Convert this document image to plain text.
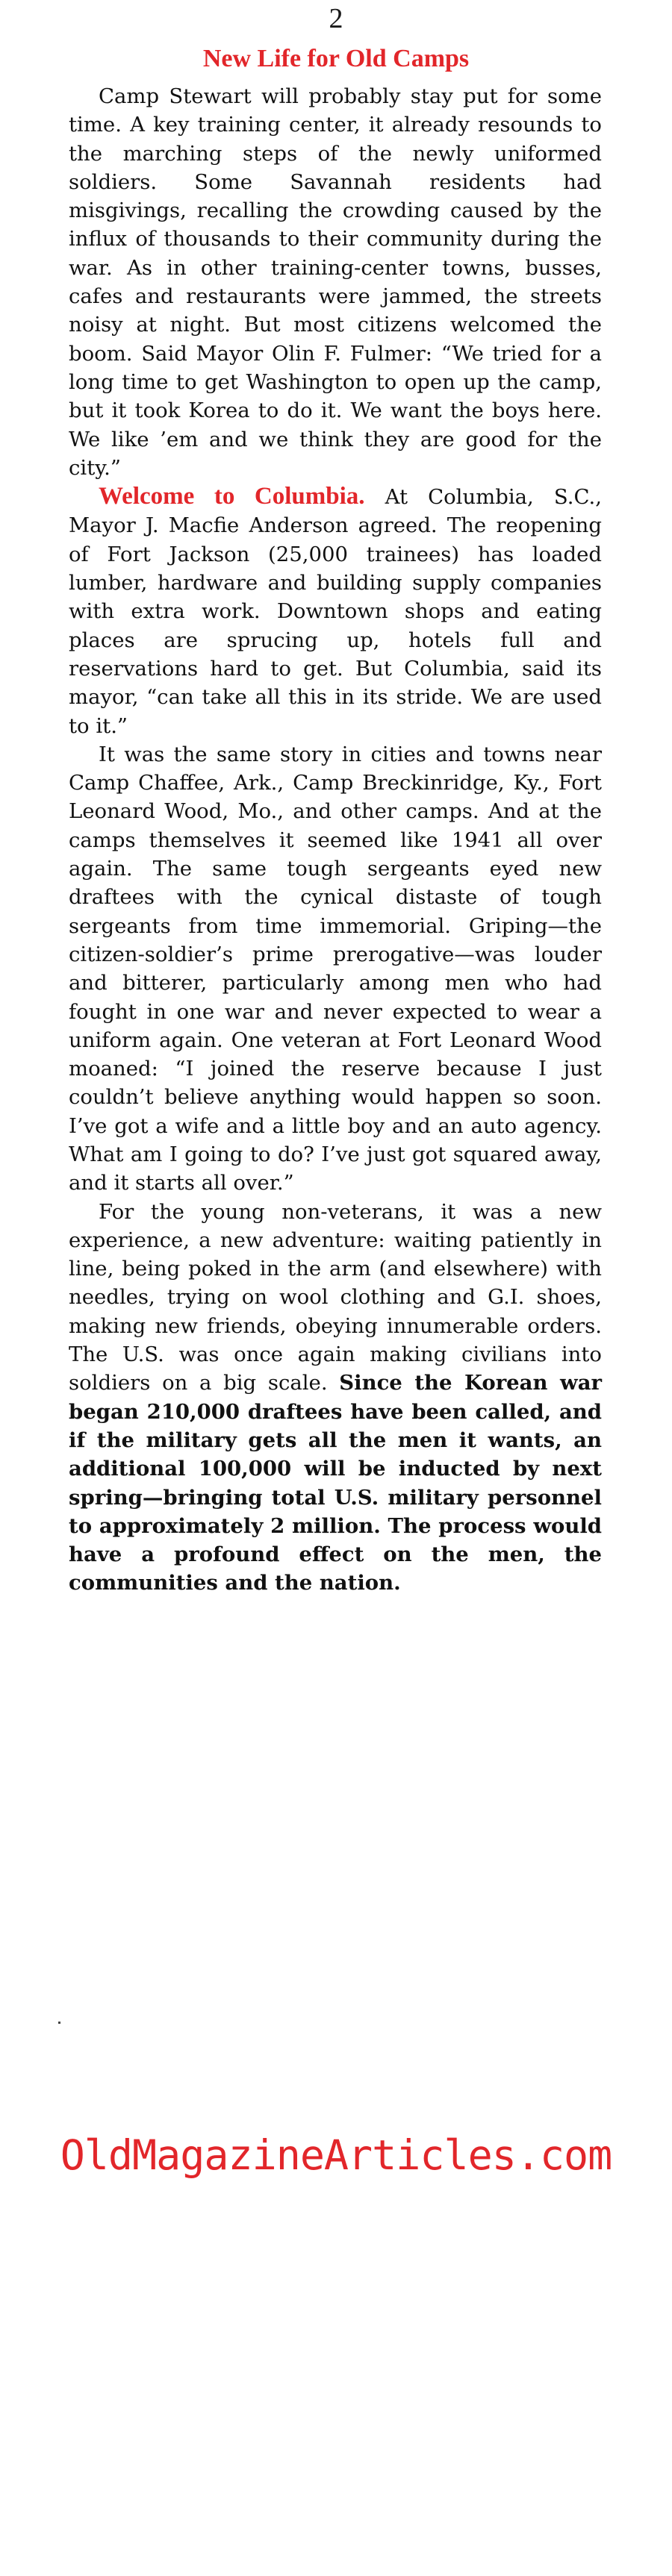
2
New Life for Old Camps

Camp Stewart will probably stay put for some time. A key training center, it already resounds to the marching steps of the newly uniformed soldiers. Some Savannah residents had misgivings, recalling the crowding caused by the influx of thousands to their community during the war. As in other training-center towns, busses, cafes and restaurants were jammed, the streets noisy at night. But most citizens welcomed the boom. Said Mayor Olin F. Fulmer: “We tried for a long time to get Washington to open up the camp, but it took Korea to do it. We want the boys here. We like ’em and we think they are good for the city.”

Welcome to Columbia. At Columbia, S.C., Mayor J. Macfie Anderson agreed. The reopening of Fort Jackson (25,000 trainees) has loaded lumber, hardware and building supply companies with extra work. Downtown shops and eating places are sprucing up, hotels full and reservations hard to get. But Columbia, said its mayor, “can take all this in its stride. We are used to it.”

It was the same story in cities and towns near Camp Chaffee, Ark., Camp Breckinridge, Ky., Fort Leonard Wood, Mo., and other camps. And at the camps themselves it seemed like 1941 all over again. The same tough sergeants eyed new draftees with the cynical distaste of tough sergeants from time immemorial. Griping—the citizen-soldier’s prime prerogative—was louder and bitterer, particularly among men who had fought in one war and never expected to wear a uniform again. One veteran at Fort Leonard Wood moaned: “I joined the reserve because I just couldn’t believe anything would happen so soon. I’ve got a wife and a little boy and an auto agency. What am I going to do? I’ve just got squared away, and it starts all over.”

For the young non-veterans, it was a new experience, a new adventure: waiting patiently in line, being poked in the arm (and elsewhere) with needles, trying on wool clothing and G.I. shoes, making new friends, obeying innumerable orders. The U.S. was once again making civilians into soldiers on a big scale. Since the Korean war began 210,000 draftees have been called, and if the military gets all the men it wants, an additional 100,000 will be inducted by next spring—bringing total U.S. military personnel to approximately 2 million. The process would have a profound effect on the men, the communities and the nation.

OldMagazineArticles.com
